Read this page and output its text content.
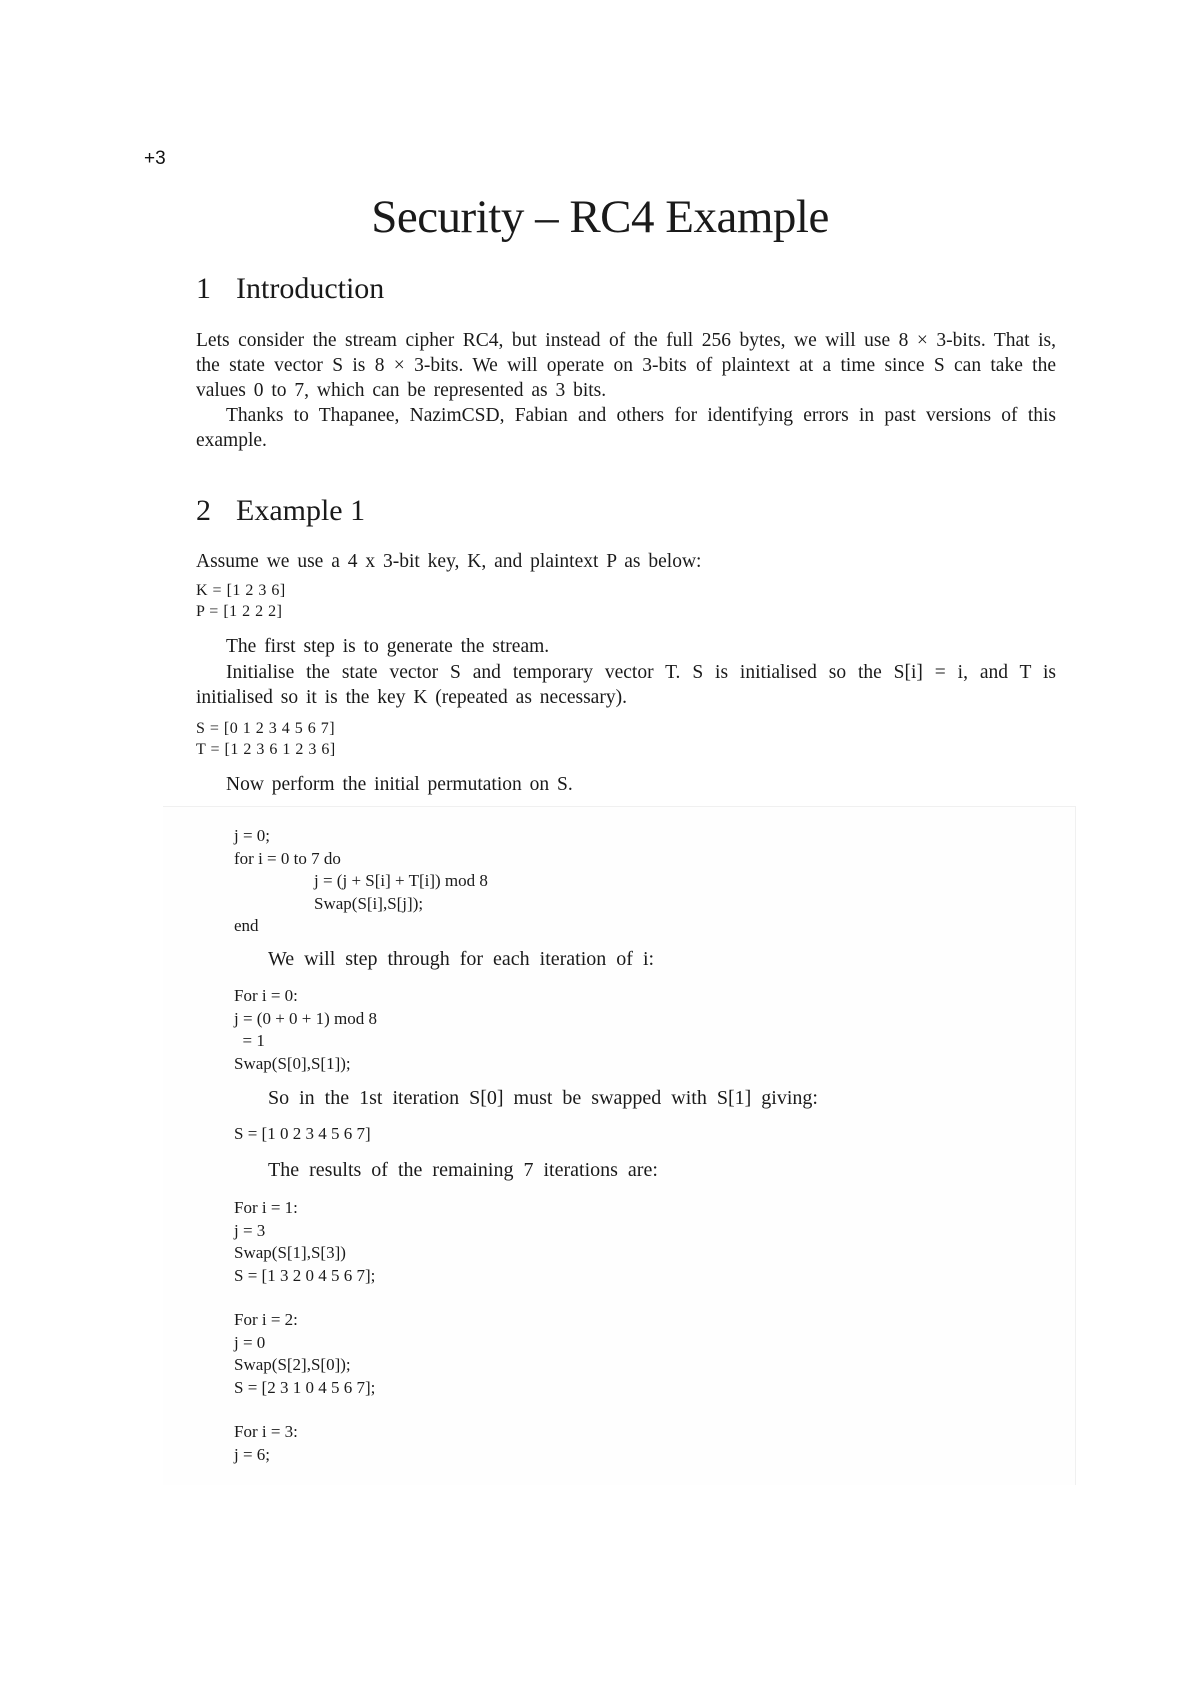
+3
Security – RC4 Example
1 Introduction

Lets consider the stream cipher RC4, but instead of the full 256 bytes, we will use 8 × 3-bits. That is, the state vector S is 8 × 3-bits. We will operate on 3-bits of plaintext at a time since S can take the values 0 to 7, which can be represented as 3 bits.

Thanks to Thapanee, NazimCSD, Fabian and others for identifying errors in past versions of this example.

2 Example 1

Assume we use a 4 x 3-bit key, K, and plaintext P as below:

K = [1 2 3 6]
P = [1 2 2 2]

The first step is to generate the stream.

Initialise the state vector S and temporary vector T. S is initialised so the S[i] = i, and T is initialised so it is the key K (repeated as necessary).

S = [0 1 2 3 4 5 6 7]
T = [1 2 3 6 1 2 3 6]

Now perform the initial permutation on S.

j = 0;
for i = 0 to 7 do
j = (j + S[i] + T[i]) mod 8
Swap(S[i],S[j]);
end

We will step through for each iteration of i:

For i = 0:
j = (0 + 0 + 1) mod 8
= 1
Swap(S[0],S[1]);

So in the 1st iteration S[0] must be swapped with S[1] giving:

S = [1 0 2 3 4 5 6 7]

The results of the remaining 7 iterations are:

For i = 1:
j = 3
Swap(S[1],S[3])
S = [1 3 2 0 4 5 6 7];
For i = 2:
j = 0
Swap(S[2],S[0]);
S = [2 3 1 0 4 5 6 7];
For i = 3:
j = 6;
